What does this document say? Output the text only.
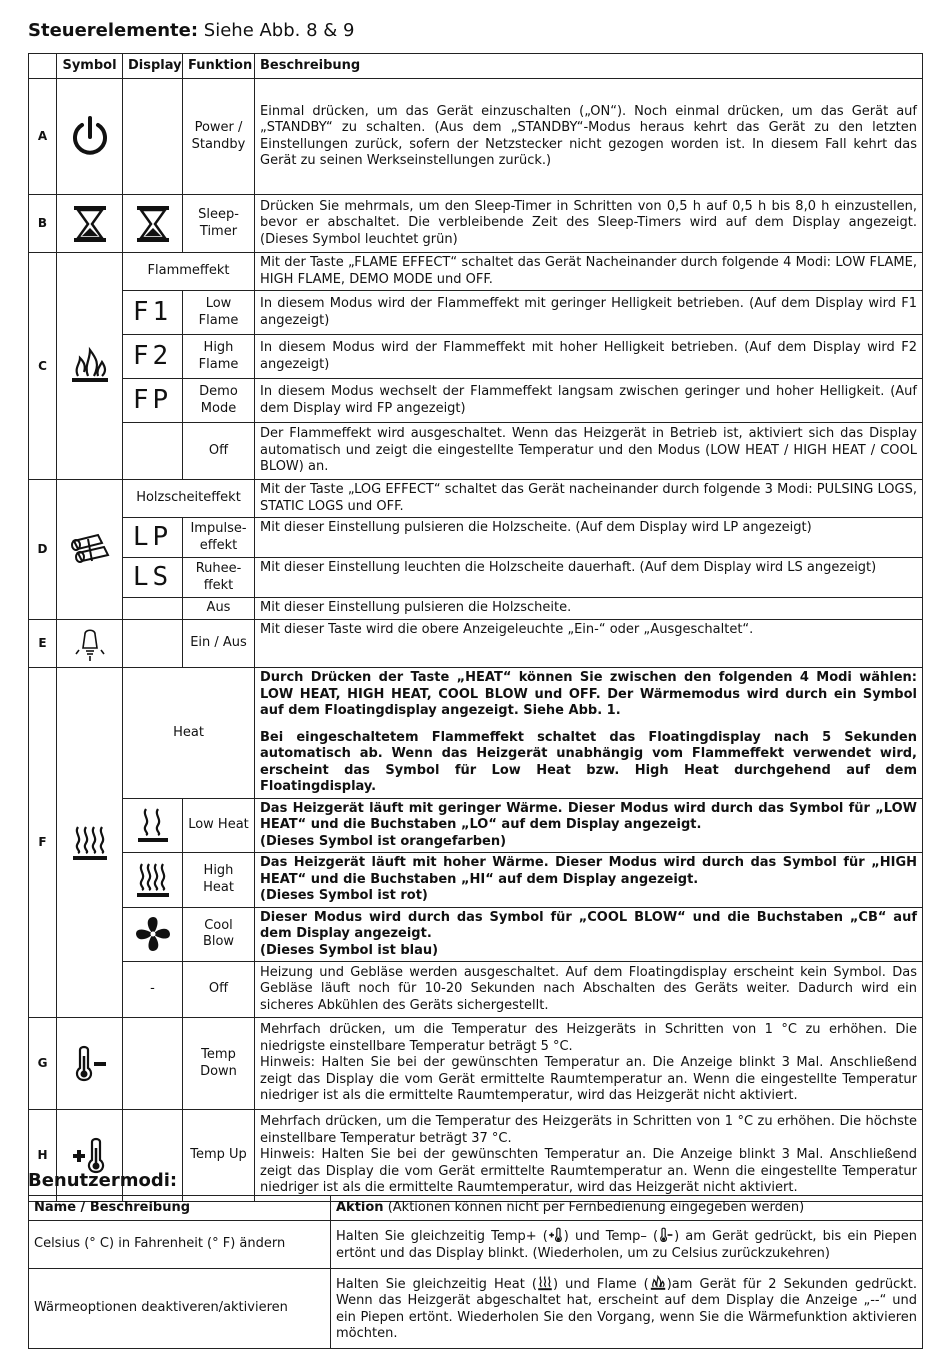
Steuerelemente: Siehe Abb. 8 & 9
	Symbol	Display	Funktion	Beschreibung
A			Power / Standby	Einmal drücken, um das Gerät einzuschalten („ON“). Noch einmal drücken, um das Gerät auf „STANDBY“ zu schalten. (Aus dem „STANDBY“-Modus heraus kehrt das Gerät zu den letzten Einstellungen zurück, sofern der Netzstecker nicht gezogen worden ist. In diesem Fall kehrt das Gerät zu seinen Werkseinstellungen zurück.)
B			Sleep-Timer	Drücken Sie mehrmals, um den Sleep-Timer in Schritten von 0,5 h auf 0,5 h bis 8,0 h einzustellen, bevor er abschaltet. Die verbleibende Zeit des Sleep-Timers wird auf dem Display angezeigt. (Dieses Symbol leuchtet grün)
C		Flammeffekt		Mit der Taste „FLAME EFFECT“ schaltet das Gerät Nacheinander durch folgende 4 Modi: LOW FLAME, HIGH FLAME, DEMO MODE und OFF.

		F1	Low Flame	In diesem Modus wird der Flammeffekt mit geringer Helligkeit betrieben. (Auf dem Display wird F1 angezeigt)

		F2	High Flame	In diesem Modus wird der Flammeffekt mit hoher Helligkeit betrieben. (Auf dem Display wird F2 angezeigt)

		FP	Demo Mode	In diesem Modus wechselt der Flammeffekt langsam zwischen geringer und hoher Helligkeit. (Auf dem Display wird FP angezeigt)
			Off	Der Flammeffekt wird ausgeschaltet. Wenn das Heizgerät in Betrieb ist, aktiviert sich das Display automatisch und zeigt die eingestellte Temperatur und den Modus (LOW HEAT / HIGH HEAT / COOL BLOW) an.
D		Holzscheiteffekt		Mit der Taste „LOG EFFECT“ schaltet das Gerät nacheinander durch folgende 3 Modi: PULSING LOGS, STATIC LOGS und OFF.

		LP	Impulse-effekt	Mit dieser Einstellung pulsieren die Holzscheite. (Auf dem Display wird LP angezeigt)

		LS	Ruhee-ffekt	Mit dieser Einstellung leuchten die Holzscheite dauerhaft. (Auf dem Display wird LS angezeigt)
			Aus	Mit dieser Einstellung pulsieren die Holzscheite.
E			Ein / Aus	Mit dieser Taste wird die obere Anzeigeleuchte „Ein-“ oder „Ausgeschaltet“.
F		Heat		Durch Drücken der Taste „HEAT“ können Sie zwischen den folgenden 4 Modi wählen: LOW HEAT, HIGH HEAT, COOL BLOW und OFF. Der Wärmemodus wird durch ein Symbol auf dem Floatingdisplay angezeigt. Siehe Abb. 1.
Bei eingeschaltetem Flammeffekt schaltet das Floatingdisplay nach 5 Sekunden automatisch ab. Wenn das Heizgerät unabhängig vom Flammeffekt verwendet wird, erscheint das Symbol für Low Heat bzw. High Heat durchgehend auf dem Floatingdisplay.

	Low Heat	Das Heizgerät läuft mit geringer Wärme. Dieser Modus wird durch das Symbol für „LOW HEAT“ und die Buchstaben „LO“ auf dem Display angezeigt.
(Dieses Symbol ist orangefarben)

	High Heat	Das Heizgerät läuft mit hoher Wärme. Dieser Modus wird durch das Symbol für „HIGH HEAT“ und die Buchstaben „HI“ auf dem Display angezeigt.
(Dieses Symbol ist rot)

	Cool Blow	Dieser Modus wird durch das Symbol für „COOL BLOW“ und die Buchstaben „CB“ auf dem Display angezeigt.
(Dieses Symbol ist blau)
		-	Off	Heizung und Gebläse werden ausgeschaltet. Auf dem Floatingdisplay erscheint kein Symbol. Das Gebläse läuft noch für 10-20 Sekunden nach Abschalten des Geräts weiter. Dadurch wird ein sicheres Abkühlen des Geräts sichergestellt.
G			Temp Down	Mehrfach drücken, um die Temperatur des Heizgeräts in Schritten von 1 °C zu erhöhen. Die niedrigste einstellbare Temperatur beträgt 5 °C.
Hinweis: Halten Sie bei der gewünschten Temperatur an. Die Anzeige blinkt 3 Mal. Anschließend zeigt das Display die vom Gerät ermittelte Raumtemperatur an. Wenn die eingestellte Temperatur niedriger ist als die ermittelte Raumtemperatur, wird das Heizgerät nicht aktiviert.
H			Temp Up	Mehrfach drücken, um die Temperatur des Heizgeräts in Schritten von 1 °C zu erhöhen. Die höchste einstellbare Temperatur beträgt 37 °C.
Hinweis: Halten Sie bei der gewünschten Temperatur an. Die Anzeige blinkt 3 Mal. Anschließend zeigt das Display die vom Gerät ermittelte Raumtemperatur an. Wenn die eingestellte Temperatur niedriger ist als die ermittelte Raumtemperatur, wird das Heizgerät nicht aktiviert.
Benutzermodi:
Name / Beschreibung	Aktion (Aktionen können nicht per Fernbedienung eingegeben werden)
Celsius (° C) in Fahrenheit (° F) ändern	Halten Sie gleichzeitig Temp+ ( ) und Temp– ( ) am Gerät gedrückt, bis ein Piepen ertönt und das Display blinkt. (Wiederholen, um zu Celsius zurückzukehren)
Wärmeoptionen deaktiveren/aktivieren	Halten Sie gleichzeitig Heat ( ) und Flame ( )am Gerät für 2 Sekunden gedrückt. Wenn das Heizgerät abgeschaltet hat, erscheint auf dem Display die Anzeige „--“ und ein Piepen ertönt. Wiederholen Sie den Vorgang, wenn Sie die Wärmefunktion aktivieren möchten.
